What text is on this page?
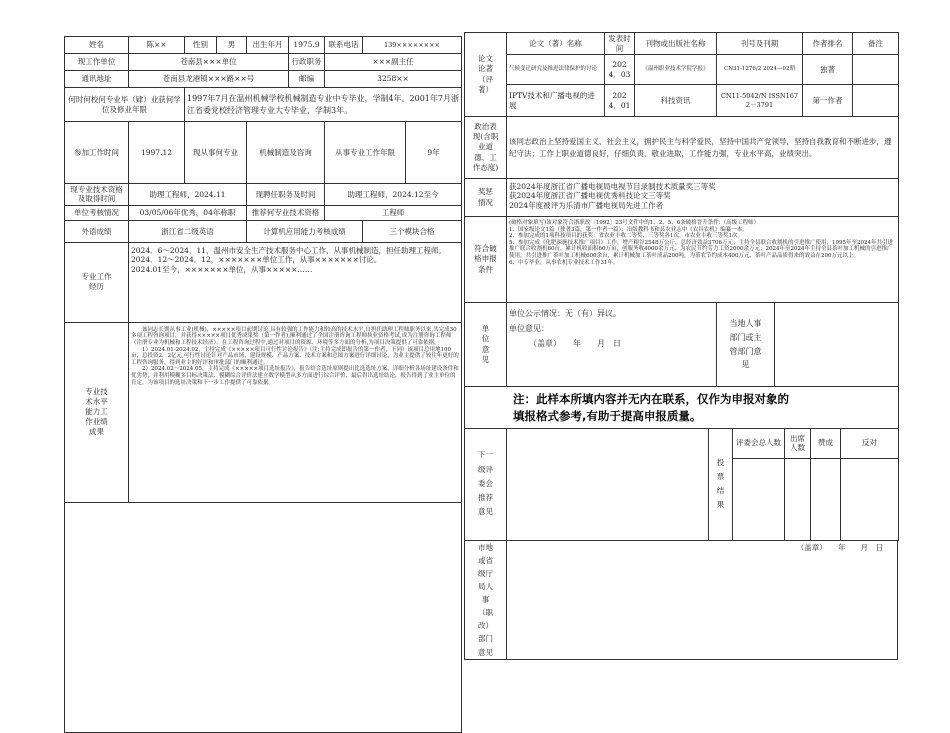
姓名	陈××	性别	男	出生年月	1975.9	联系电话	139××××××××	
现工作单位	苍南县×××单位				行政职务	×××副主任		
通讯地址	苍南县龙港镇×××路××号				邮编	3258××		
何时何校何专业毕（肄）业获何学位及修业年限		1997年7月在温州机械学校机械制造专业中专毕业，学制4年。2001年7月浙江省委党校经济管理专业大专毕业，学制3年。						
参加工作时间	1997.12	现从事何专业		机械制造及咨询		从事专业工作年限		9年
现专业技术资格及取得时间	助理工程师，2024.11			现聘任职务及时间		助理工程师，2024.12至今		
单位考核情况	03/05/06年优秀，04年称职			推荐何专业技术资格		工程师		
外语成绩	浙江省二级英语			计算机应用能力考核成绩			三个模块合格	
专业工作经历	2024．6～2024．11，温州市安全生产技术服务中心工作，从事机械制造，担任助理工程师。
2024．12～2024．12，×××××××单位工作，从事×××××××讨论。
2024.01至今，×××××××单位，从事×××××……							

专业技术水平能力工作业绩成果	该同志长期从事工业(机械)，×××××项目前期讨论,具有较强的工作能力和较高的技术水平,自担任助理工程师职务以来,共完成30多项工程咨询项目，并获得×××××项目优秀成果奖（第一作者),顺利通过了全国注册咨询工程师执业资格考试,成为注册咨询工程师（注册专业为机械和工程技术经济）。在工程咨询过程中,通过对项目的资源、环境等多方面的分析,为项目决策提供了可靠依据。
1）2024.01-2024.02，主持完成《×××××项目可行性讨论报告》（注:主持完成即报告的第一作者，下同）该项目总用地100亩，总投资2．2亿元,可行性讨论针对产品市场、建设规模、产品方案、技术方案和总图方案进行详细讨论，为业主提供了较往年更好的工程咨询服务，得到业主的好评和审批部门的顺利通过。
2）2024.02～2024.05，主持完成《×××××项目选址报告》，报告结合选址原则提出比选选址方案，详细分析各场址建设条件和优劣势，并利用模糊多目标决策法、模糊综合评价法建立数学模型从多方面进行综合评价，最后得出选址结论，报告得到了业主单位的肯定，为该项目的选址决策和下一步工作提供了可靠依据。							

论文论著（评著）	论文（著）名称	发表时间	刊物或出版社名称	刊号及刊期		作者排名	备注
	气候变迁研究及推进法律保护的讨论	2024．03	《温州职业技术学院学报》	CN31-1276/2 2024—02期		独著	
	IPTV技术和广播电视的进展	2024．01	科技资讯	CN11-5042/N ISSN1672－3791		第一作者	
政治表现(含职业道德、工作态度)	该同志政治上坚持爱国主义、社会主义，拥护民主与科学爱民，坚持中国共产党领导，坚持自我教育和不断进步，遵纪守法；工作上职业道德良好，仔细负责，敬业进取，工作能力强，专业水平高，业绩突出。						
奖惩情况	获2024年度浙江省广播电视局电视节目录制技术质量奖三等奖
获2024年度浙江省广播电视优秀科技论文三等奖
2024年度被评为乐清市广播电视局先进工作者						

符合破格申报条件	(破格对象填写)该对象符合浙职改〔1992〕23号文件中的1、2、5、6条破格晋升条件:（高级工程师）
1、国家级论文1篇（独著3篇，第一作者一篇）；出版教科书和县农业志中《农具农机》编纂一本。
2、参加完成的1项科技项目的获奖：省农业丰收二等奖、三等奖各1次，市农业丰收三等奖1次。
5、参加完成《化肥深施技术推广项目》工作，增产粮谷2548万公斤，总经济效益3706万元；主持全县联合收割机的引进推广使用，1995年至2024年共引进推广联合收割机60台，累计机收面积60万亩，创服务收4000余万元，为农民节约劳力工资2000余万元；2024年至2024年主持全县茶叶加工机械的引进推广使用，共引进推广茶叶加工机械600余台，累计机械加工茶叶成品200吨，为茶农节约成本400万元，茶叶产品品质得来的效益在200万元以上。
6、中专毕业，从事农机专业技术工作31年。						

单位意见	单位公示情况：无（有）异议。
单位意见：
（盖章）　　年　　月　日			当地人事部门或主管部门意见			

注：此样本所填内容并无内在联系，仅作为申报对象的填报格式参考,有助于提高申报质量。							
下一级评委会推荐意见		投票结果	评委会总人数	出席人数	赞成	反对

市地或省级厅局人事（职改）部门意见	（盖章）　　年　　月　日
